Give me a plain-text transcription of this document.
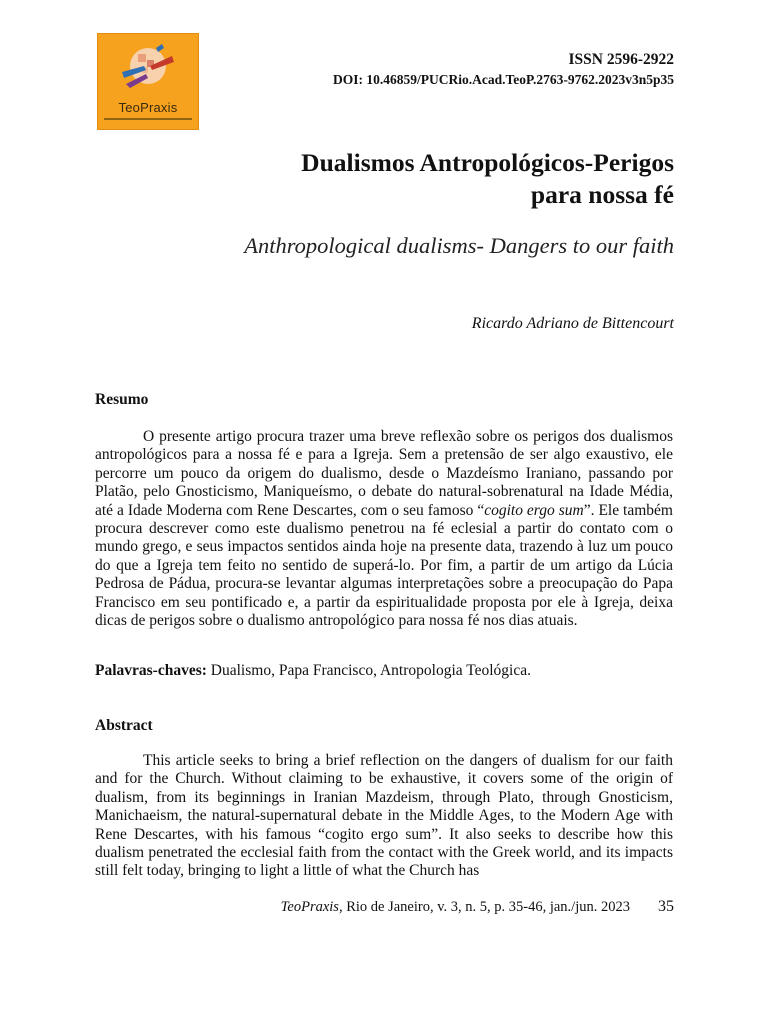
TeoPraxis
ISSN 2596-2922
DOI: 10.46859/PUCRio.Acad.TeoP.2763-9762.2023v3n5p35
Dualismos Antropológicos-Perigos
para nossa fé
Anthropological dualisms- Dangers to our faith
Ricardo Adriano de Bittencourt
Resumo

O presente artigo procura trazer uma breve reflexão sobre os perigos dos dualismos antropológicos para a nossa fé e para a Igreja. Sem a pretensão de ser algo exaustivo, ele percorre um pouco da origem do dualismo, desde o Mazdeísmo Iraniano, passando por Platão, pelo Gnosticismo, Maniqueísmo, o debate do natural-sobrenatural na Idade Média, até a Idade Moderna com Rene Descartes, com o seu famoso “cogito ergo sum”. Ele também procura descrever como este dualismo penetrou na fé eclesial a partir do contato com o mundo grego, e seus impactos sentidos ainda hoje na presente data, trazendo à luz um pouco do que a Igreja tem feito no sentido de superá-lo. Por fim, a partir de um artigo da Lúcia Pedrosa de Pádua, procura-se levantar algumas interpretações sobre a preocupação do Papa Francisco em seu pontificado e, a partir da espiritualidade proposta por ele à Igreja, deixa dicas de perigos sobre o dualismo antropológico para nossa fé nos dias atuais.

Palavras-chaves: Dualismo, Papa Francisco, Antropologia Teológica.
Abstract

This article seeks to bring a brief reflection on the dangers of dualism for our faith and for the Church. Without claiming to be exhaustive, it covers some of the origin of dualism, from its beginnings in Iranian Mazdeism, through Plato, through Gnosticism, Manichaeism, the natural-supernatural debate in the Middle Ages, to the Modern Age with Rene Descartes, with his famous “cogito ergo sum”. It also seeks to describe how this dualism penetrated the ecclesial faith from the contact with the Greek world, and its impacts still felt today, bringing to light a little of what the Church has

TeoPraxis, Rio de Janeiro, v. 3, n. 5, p. 35-46, jan./jun. 2023 35
